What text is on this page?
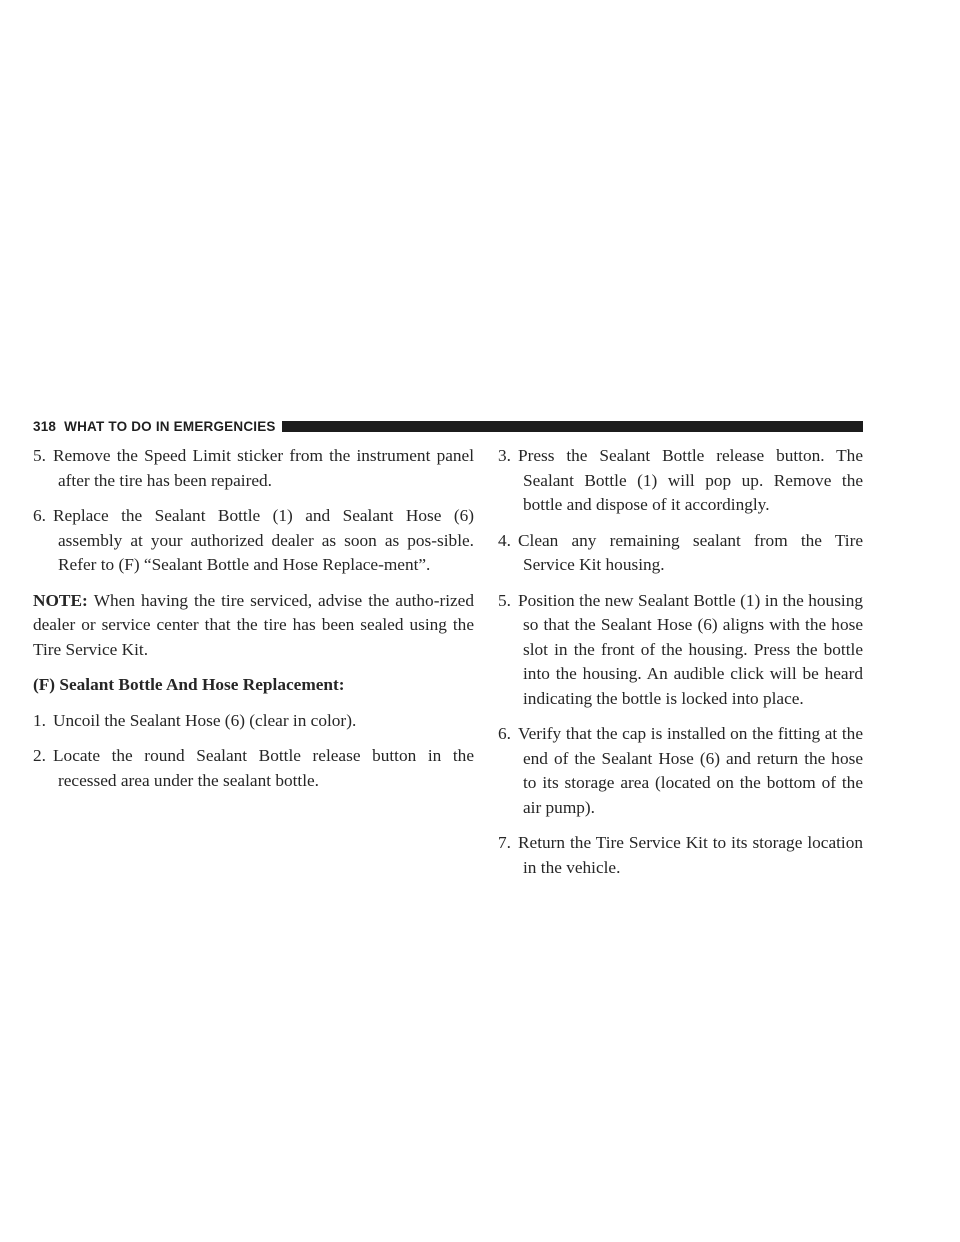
318 WHAT TO DO IN EMERGENCIES

5. Remove the Speed Limit sticker from the instrument panel after the tire has been repaired.

6. Replace the Sealant Bottle (1) and Sealant Hose (6) assembly at your authorized dealer as soon as pos-sible. Refer to (F) “Sealant Bottle and Hose Replace-ment”.

NOTE: When having the tire serviced, advise the autho-rized dealer or service center that the tire has been sealed using the Tire Service Kit.

(F) Sealant Bottle And Hose Replacement:

1. Uncoil the Sealant Hose (6) (clear in color).

2. Locate the round Sealant Bottle release button in the recessed area under the sealant bottle.

3. Press the Sealant Bottle release button. The Sealant Bottle (1) will pop up. Remove the bottle and dispose of it accordingly.

4. Clean any remaining sealant from the Tire Service Kit housing.

5. Position the new Sealant Bottle (1) in the housing so that the Sealant Hose (6) aligns with the hose slot in the front of the housing. Press the bottle into the housing. An audible click will be heard indicating the bottle is locked into place.

6. Verify that the cap is installed on the fitting at the end of the Sealant Hose (6) and return the hose to its storage area (located on the bottom of the air pump).

7. Return the Tire Service Kit to its storage location in the vehicle.
